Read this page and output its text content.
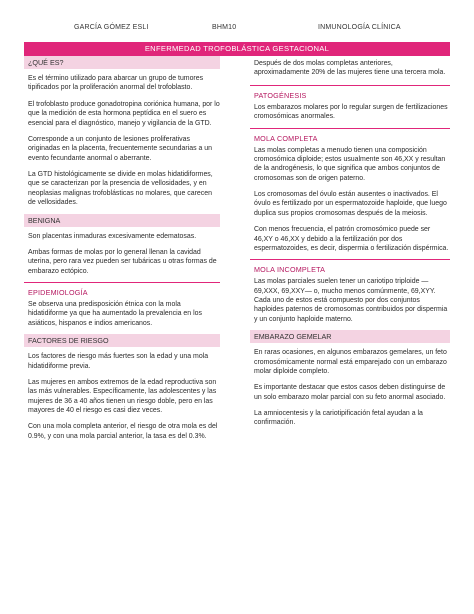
GARCÍA GÓMEZ ESLI	BHM10	INMUNOLOGÍA CLÍNICA
ENFERMEDAD TROFOBLÁSTICA GESTACIONAL
¿QUÉ ES?

Es el término utilizado para abarcar un grupo de tumores tipificados por la proliferación anormal del trofoblasto.

El trofoblasto produce gonadotropina coriónica humana, por lo que la medición de esta hormona peptídica en el suero es esencial para el diagnóstico, manejo y vigilancia de la GTD.

Corresponde a un conjunto de lesiones proliferativas originadas en la placenta, frecuentemente secundarias a un evento fecundante anormal o aberrante.

La GTD histológicamente se divide en molas hidatidiformes, que se caracterizan por la presencia de vellosidades, y en neoplasias malignas trofoblásticas no molares, que carecen de vellosidades.

BENIGNA

Son placentas inmaduras excesivamente edematosas.

Ambas formas de molas por lo general llenan la cavidad uterina, pero rara vez pueden ser tubáricas u otras formas de embarazo ectópico.

EPIDEMIOLOGÍA

Se observa una predisposición étnica con la mola hidatidiforme ya que ha aumentado la prevalencia en los asiáticos, hispanos e indios americanos.

FACTORES DE RIESGO

Los factores de riesgo más fuertes son la edad y una mola hidatidiforme previa.

Las mujeres en ambos extremos de la edad reproductiva son las más vulnerables. Específicamente, las adolescentes y las mujeres de 36 a 40 años tienen un riesgo doble, pero en las mayores de 40 el riesgo es casi diez veces.

Con una mola completa anterior, el riesgo de otra mola es del 0.9%, y con una mola parcial anterior, la tasa es del 0.3%.

Después de dos molas completas anteriores, aproximadamente 20% de las mujeres tiene una tercera mola.

PATOGÉNESIS

Los embarazos molares por lo regular surgen de fertilizaciones cromosómicas anormales.

MOLA COMPLETA

Las molas completas a menudo tienen una composición cromosómica diploide; estos usualmente son 46,XX y resultan de la androgénesis, lo que significa que ambos conjuntos de cromosomas son de origen paterno.

Los cromosomas del óvulo están ausentes o inactivados. El óvulo es fertilizado por un espermatozoide haploide, que luego duplica sus propios cromosomas después de la meiosis.

Con menos frecuencia, el patrón cromosómico puede ser 46,XY o 46,XX y debido a la fertilización por dos espermatozoides, es decir, dispermia o fertilización dispérmica.

MOLA INCOMPLETA

Las molas parciales suelen tener un cariotipo triploide —69,XXX, 69,XXY— o, mucho menos comúnmente, 69,XYY. Cada uno de estos está compuesto por dos conjuntos haploides paternos de cromosomas contribuidos por dispermia y un conjunto haploide materno.

EMBARAZO GEMELAR

En raras ocasiones, en algunos embarazos gemelares, un feto cromosómicamente normal está emparejado con un embarazo molar diploide completo.

Es importante destacar que estos casos deben distinguirse de un solo embarazo molar parcial con su feto anormal asociado.

La amniocentesis y la cariotipificación fetal ayudan a la confirmación.
